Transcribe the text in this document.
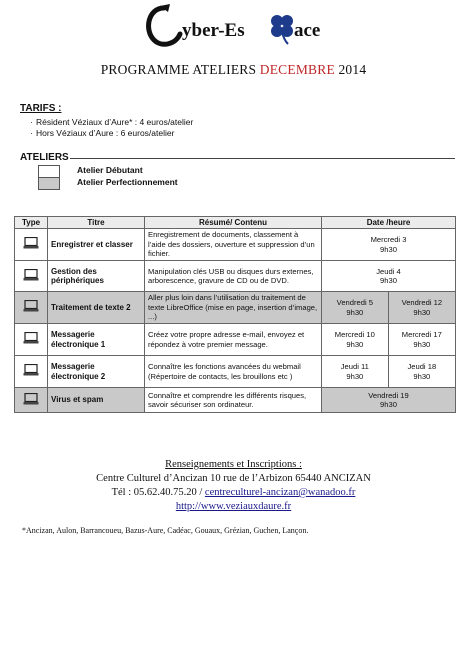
yber-Es	ace
PROGRAMME ATELIERS DECEMBRE 2014
TARIFS :
· Résident Véziaux d’Aure* : 4 euros/atelier
· Hors Véziaux d’Aure : 6 euros/atelier
ATELIERS
Atelier Débutant
Atelier Perfectionnement
Type	Titre	Résumé/ Contenu	Date /heure	
	Enregistrer et classer	Enregistrement de documents, classement à l’aide des dossiers, ouverture et suppression d’un fichier.	Mercredi 3
9h30	
	Gestion des périphériques	Manipulation clés USB ou disques durs externes, arborescence, gravure de CD ou de DVD.	Jeudi 4
9h30	
	Traitement de texte 2	Aller plus loin dans l’utilisation du traitement de texte LibreOffice (mise en page, insertion d’image, ...)	Vendredi 5
9h30	Vendredi 12
9h30
	Messagerie électronique 1	Créez votre propre adresse e-mail, envoyez et répondez à votre premier message.	Mercredi 10
9h30	Mercredi 17
9h30
	Messagerie électronique 2	Connaître les fonctions avancées du webmail (Répertoire de contacts, les brouillons etc )	Jeudi 11
9h30	Jeudi 18
9h30
	Virus et spam	Connaître et comprendre les différents risques, savoir sécuriser son ordinateur.	Vendredi 19
9h30	
Renseignements et Inscriptions :
Centre Culturel d’Ancizan 10 rue de l’Arbizon 65440 ANCIZAN
Tél : 05.62.40.75.20 / centreculturel-ancizan@wanadoo.fr
http://www.veziauxdaure.fr
*Ancizan, Aulon, Barrancoueu, Bazus-Aure, Cadéac, Gouaux, Grézian, Guchen, Lançon.
